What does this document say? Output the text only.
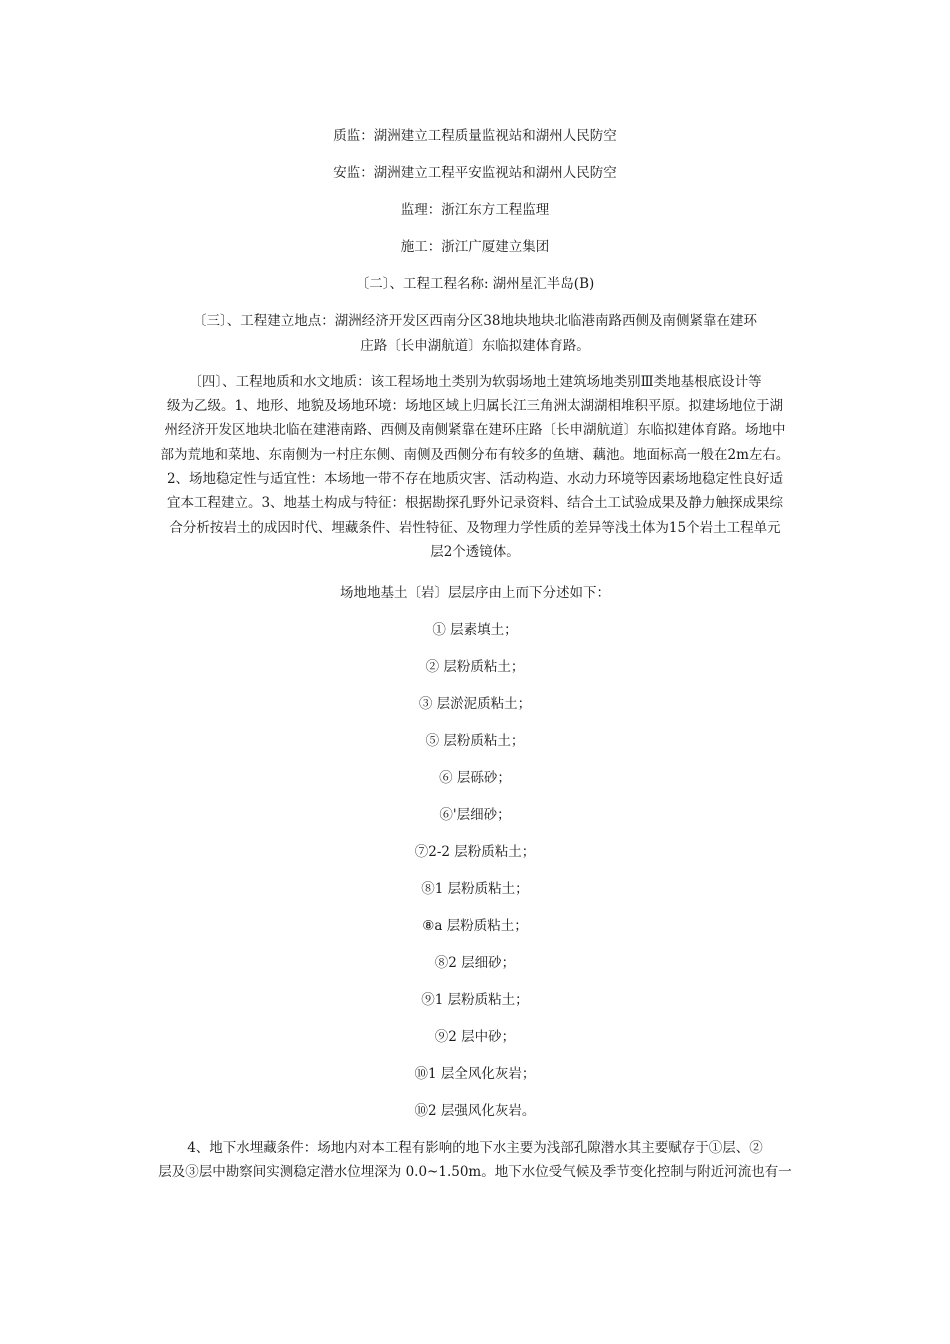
质监：湖洲建立工程质量监视站和湖州人民防空
安监：湖洲建立工程平安监视站和湖州人民防空
监理：浙江东方工程监理
施工：浙江广厦建立集团
〔二〕、工程工程名称: 湖州星汇半岛(B)
〔三〕、工程建立地点：湖洲经济开发区西南分区38地块地块北临港南路西侧及南侧紧靠在建环
庄路〔长申湖航道〕东临拟建体育路。
〔四〕、工程地质和水文地质：该工程场地土类别为软弱场地土建筑场地类别Ⅲ类地基根底设计等
级为乙级。1、地形、地貌及场地环境：场地区域上归属长江三角洲太湖湖相堆积平原。拟建场地位于湖
州经济开发区地块北临在建港南路、西侧及南侧紧靠在建环庄路〔长申湖航道〕东临拟建体育路。场地中
部为荒地和菜地、东南侧为一村庄东侧、南侧及西侧分布有较多的鱼塘、藕池。地面标高一般在2m左右。
2、场地稳定性与适宜性：本场地一带不存在地质灾害、活动构造、水动力环境等因素场地稳定性良好适
宜本工程建立。3、地基土构成与特征：根据勘探孔野外记录资料、结合土工试验成果及静力触探成果综
合分析按岩土的成因时代、埋藏条件、岩性特征、及物理力学性质的差异等浅土体为15个岩土工程单元
层2个透镜体。
场地地基土〔岩〕层层序由上而下分述如下：
① 层素填土；
② 层粉质粘土；
③ 层淤泥质粘土；
⑤ 层粉质粘土；
⑥ 层砾砂；
⑥'层细砂；
⑦2-2 层粉质粘土；
⑧1 层粉质粘土；
⑧a 层粉质粘土；
⑧2 层细砂；
⑨1 层粉质粘土；
⑨2 层中砂；
⑩1 层全风化灰岩；
⑩2 层强风化灰岩。
4、地下水埋藏条件：场地内对本工程有影响的地下水主要为浅部孔隙潜水其主要赋存于①层、②
层及③层中勘察间实测稳定潜水位埋深为 0.0~1.50m。地下水位受气候及季节变化控制与附近河流也有一
